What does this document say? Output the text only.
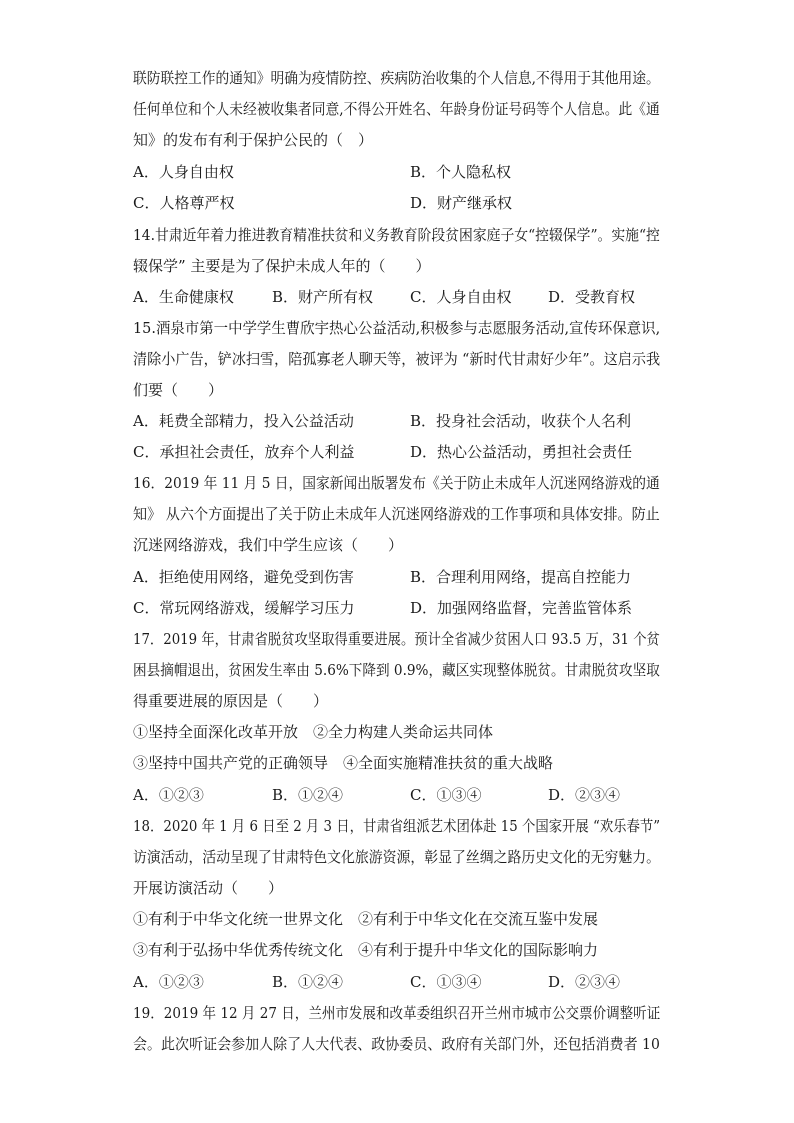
联防联控工作的通知》明确为疫情防控、疾病防治收集的个人信息,不得用于其他用途。
任何单位和个人未经被收集者同意,不得公开姓名、年龄身份证号码等个人信息。此《通
知》的发布有利于保护公民的（　）
A．人身自由权	B．个人隐私权
C．人格尊严权	D．财产继承权
14.甘肃近年着力推进教育精准扶贫和义务教育阶段贫困家庭子女“控辍保学”。实施“控
辍保学” 主要是为了保护未成人年的（　　）
A．生命健康权	B．财产所有权 C．人身自由权 D．受教育权
15.酒泉市第一中学学生曹欣宇热心公益活动,积极参与志愿服务活动,宣传环保意识,
清除小广告，铲冰扫雪，陪孤寡老人聊天等，被评为 “新时代甘肃好少年”。这启示我
们要（　　）
A．耗费全部精力，投入公益活动	B．投身社会活动，收获个人名利
C．承担社会责任，放弃个人利益	D．热心公益活动，勇担社会责任
16．2019 年 11 月 5 日，国家新闻出版署发布《关于防止未成年人沉迷网络游戏的通
知》 从六个方面提出了关于防止未成年人沉迷网络游戏的工作事项和具体安排。防止
沉迷网络游戏，我们中学生应该（　　）
A．拒绝使用网络，避免受到伤害	B．合理利用网络，提高自控能力
C．常玩网络游戏，缓解学习压力	D．加强网络监督，完善监管体系
17．2019 年，甘肃省脱贫攻坚取得重要进展。预计全省减少贫困人口 93.5 万，31 个贫
困县摘帽退出，贫困发生率由 5.6%下降到 0.9%，藏区实现整体脱贫。甘肃脱贫攻坚取
得重要进展的原因是（　　）
①坚持全面深化改革开放　②全力构建人类命运共同体
③坚持中国共产党的正确领导　④全面实施精准扶贫的重大战略
A．①②③	B．①②④	C．①③④	D．②③④
18．2020 年 1 月 6 日至 2 月 3 日，甘肃省组派艺术团体赴 15 个国家开展 “欢乐春节”
访演活动，活动呈现了甘肃特色文化旅游资源，彰显了丝绸之路历史文化的无穷魅力。
开展访演活动（　　）
①有利于中华文化统一世界文化　②有利于中华文化在交流互鉴中发展
③有利于弘扬中华优秀传统文化　④有利于提升中华文化的国际影响力
A．①②③	B．①②④	C．①③④	D．②③④
19．2019 年 12 月 27 日，兰州市发展和改革委组织召开兰州市城市公交票价调整听证
会。此次听证会参加人除了人大代表、政协委员、政府有关部门外，还包括消费者 10
